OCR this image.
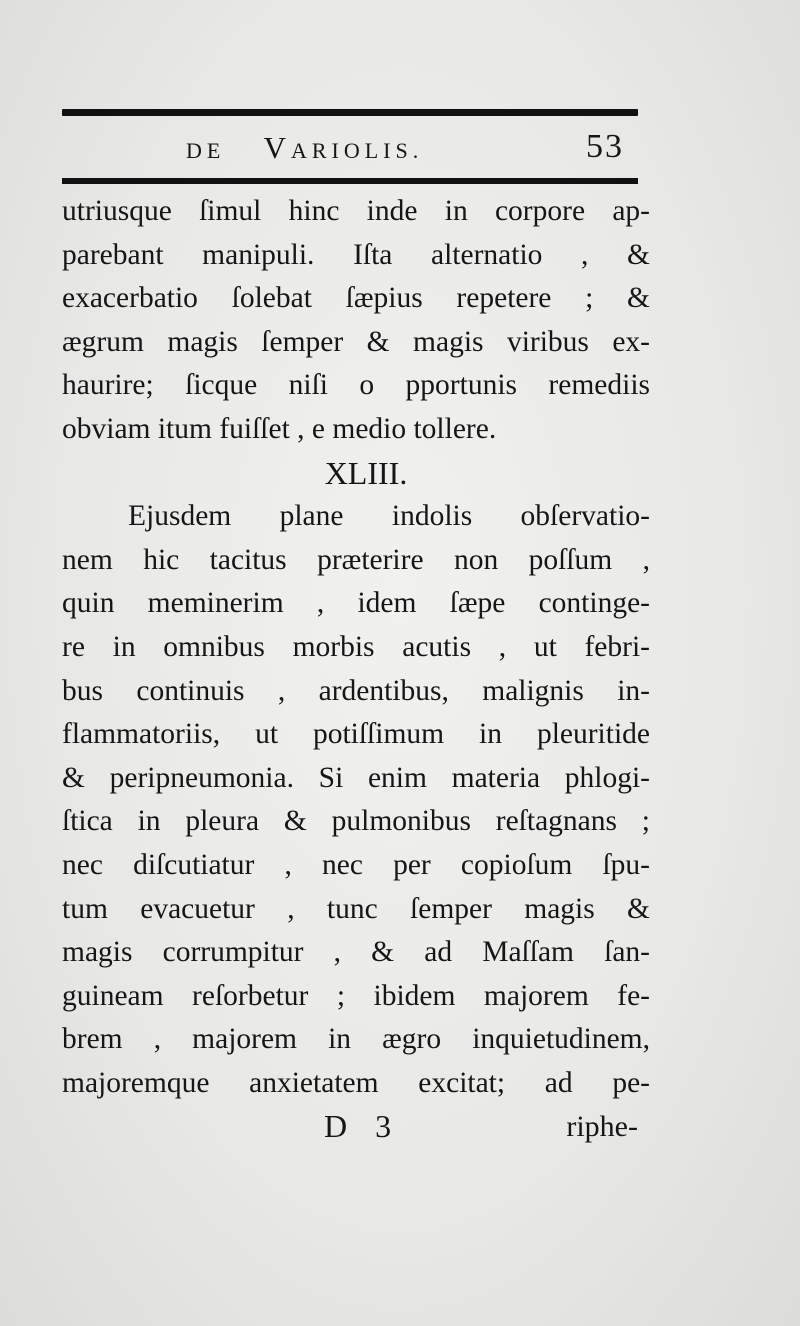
DE VARIOLIS.	53
utriusque ſimul hinc inde in corpore ap-
parebant manipuli. Iſta alternatio , &
exacerbatio ſolebat ſæpius repetere ; &
ægrum magis ſemper & magis viribus ex-
haurire; ſicque niſi o pportunis remediis
obviam itum fuiſſet , e medio tollere.
XLIII.
Ejusdem plane indolis obſervatio-
nem hic tacitus præterire non poſſum ,
quin meminerim , idem ſæpe continge-
re in omnibus morbis acutis , ut febri-
bus continuis , ardentibus, malignis in-
flammatoriis, ut potiſſimum in pleuritide
& peripneumonia. Si enim materia phlogi-
ſtica in pleura & pulmonibus reſtagnans ;
nec diſcutiatur , nec per copioſum ſpu-
tum evacuetur , tunc ſemper magis &
magis corrumpitur , & ad Maſſam ſan-
guineam reſorbetur ; ibidem majorem fe-
brem , majorem in ægro inquietudinem,
majoremque anxietatem excitat; ad pe-
D 3	riphe-
